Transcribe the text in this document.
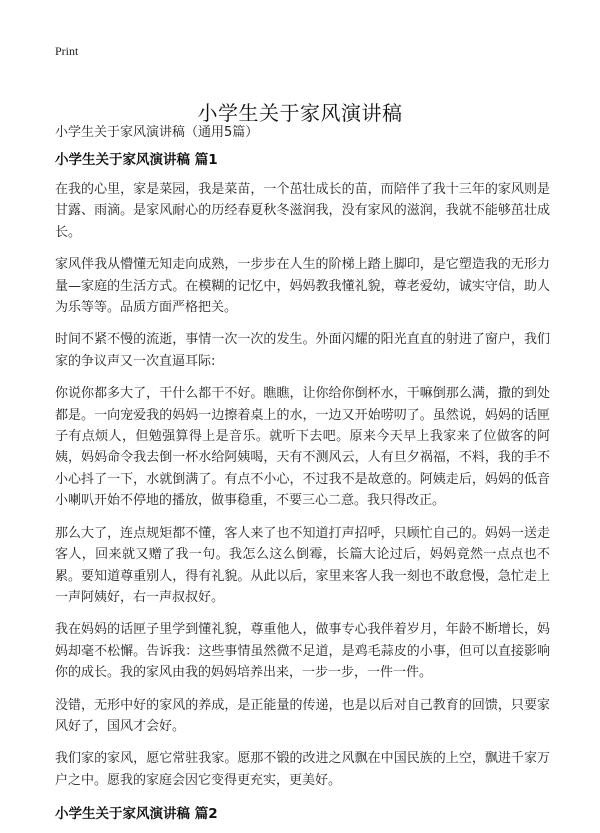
Print
小学生关于家风演讲稿
小学生关于家风演讲稿（通用5篇）
小学生关于家风演讲稿 篇1

在我的心里，家是菜园，我是菜苗，一个茁壮成长的苗，而陪伴了我十三年的家风则是甘露、雨滴。是家风耐心的历经春夏秋冬滋润我，没有家风的滋润，我就不能够茁壮成长。

家风伴我从懵懂无知走向成熟，一步步在人生的阶梯上踏上脚印，是它塑造我的无形力量—家庭的生活方式。在模糊的记忆中，妈妈教我懂礼貌，尊老爱幼，诚实守信，助人为乐等等。品质方面严格把关。

时间不紧不慢的流逝，事情一次一次的发生。外面闪耀的阳光直直的射进了窗户，我们家的争议声又一次直逼耳际:

你说你都多大了，干什么都干不好。瞧瞧，让你给你倒杯水，干嘛倒那么满，撒的到处都是。一向宠爱我的妈妈一边擦着桌上的水，一边又开始唠叨了。虽然说，妈妈的话匣子有点烦人，但勉强算得上是音乐。就听下去吧。原来今天早上我家来了位做客的阿姨，妈妈命令我去倒一杯水给阿姨喝，天有不测风云，人有旦夕祸福，不料，我的手不小心抖了一下，水就倒满了。有点不小心，不过我不是故意的。阿姨走后，妈妈的低音小喇叭开始不停地的播放，做事稳重，不要三心二意。我只得改正。

那么大了，连点规矩都不懂，客人来了也不知道打声招呼，只顾忙自己的。妈妈一送走客人，回来就又赠了我一句。我怎么这么倒霉，长篇大论过后，妈妈竟然一点点也不累。要知道尊重别人，得有礼貌。从此以后，家里来客人我一刻也不敢怠慢，急忙走上一声阿姨好，右一声叔叔好。

我在妈妈的话匣子里学到懂礼貌，尊重他人，做事专心我伴着岁月，年龄不断增长，妈妈却毫不松懈。告诉我：这些事情虽然微不足道，是鸡毛蒜皮的小事，但可以直接影响你的成长。我的家风由我的妈妈培养出来，一步一步，一件一件。

没错，无形中好的家风的养成，是正能量的传递，也是以后对自己教育的回馈，只要家风好了，国风才会好。

我们家的家风，愿它常驻我家。愿那不锻的改进之风飘在中国民族的上空，飘进千家万户之中。愿我的家庭会因它变得更充实，更美好。

小学生关于家风演讲稿 篇2
